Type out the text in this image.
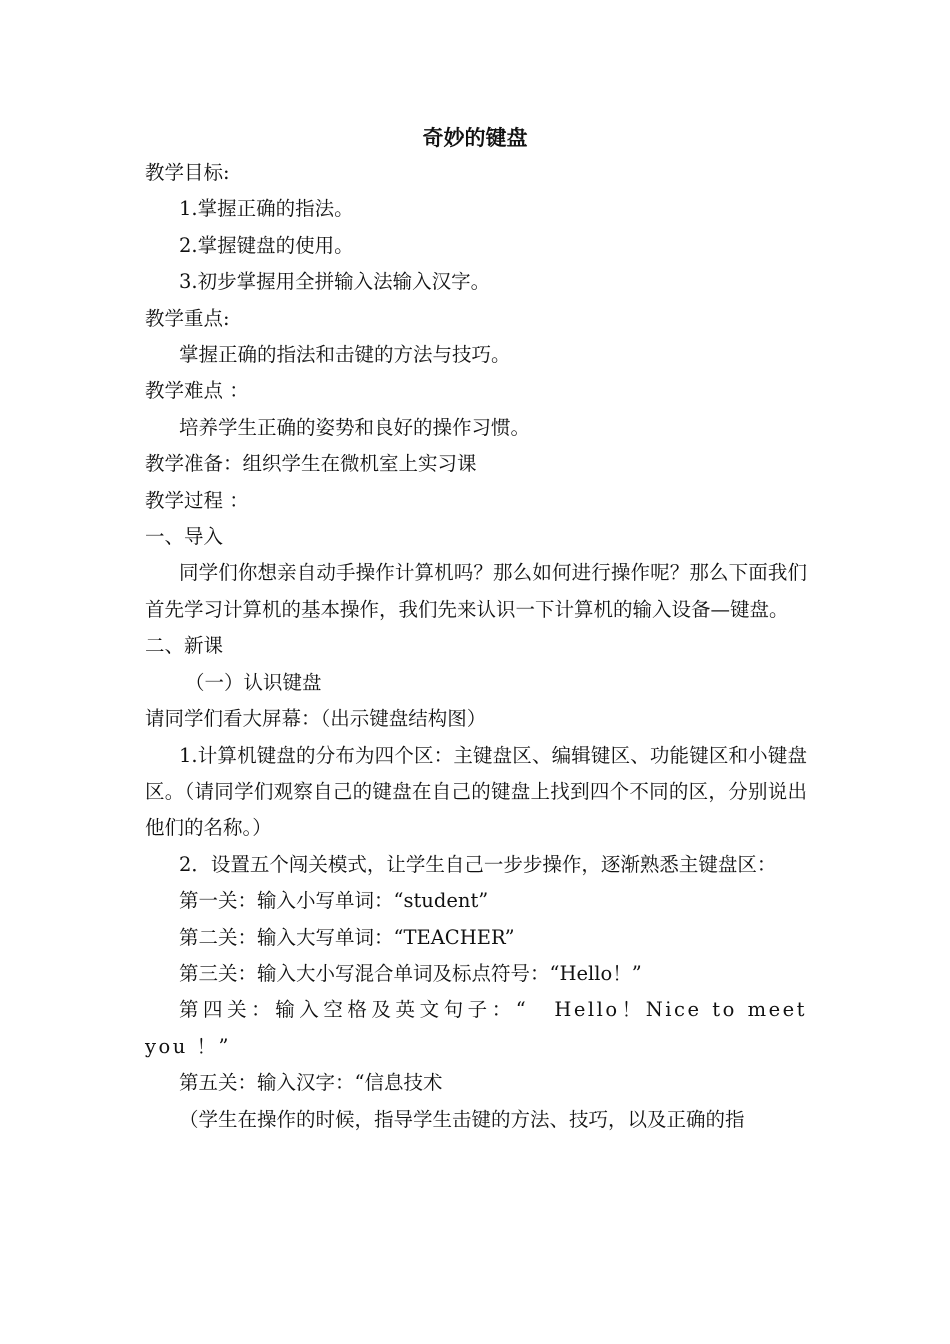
奇妙的键盘
教学目标:
1.掌握正确的指法。
2.掌握键盘的使用。
3.初步掌握用全拼输入法输入汉字。
教学重点:
掌握正确的指法和击键的方法与技巧。
教学难点 ：
培养学生正确的姿势和良好的操作习惯。
教学准备：组织学生在微机室上实习课
教学过程 ：
一、导入
同学们你想亲自动手操作计算机吗？那么如何进行操作呢？那么下面我们首先学习计算机的基本操作，我们先来认识一下计算机的输入设备—键盘。
二、新课
（一）认识键盘
请同学们看大屏幕：（出示键盘结构图）
1.计算机键盘的分布为四个区：主键盘区、编辑键区、功能键区和小键盘区。（请同学们观察自己的键盘在自己的键盘上找到四个不同的区，分别说出他们的名称。）
2．设置五个闯关模式，让学生自己一步步操作，逐渐熟悉主键盘区：
第一关：输入小写单词：“student”
第二关：输入大写单词：“TEACHER”
第三关：输入大小写混合单词及标点符号：“Hello！”
第四关：输入空格及英文句子：“　Hello！Nice to meet you ！”
第五关：输入汉字：“信息技术
（学生在操作的时候，指导学生击键的方法、技巧，以及正确的指
